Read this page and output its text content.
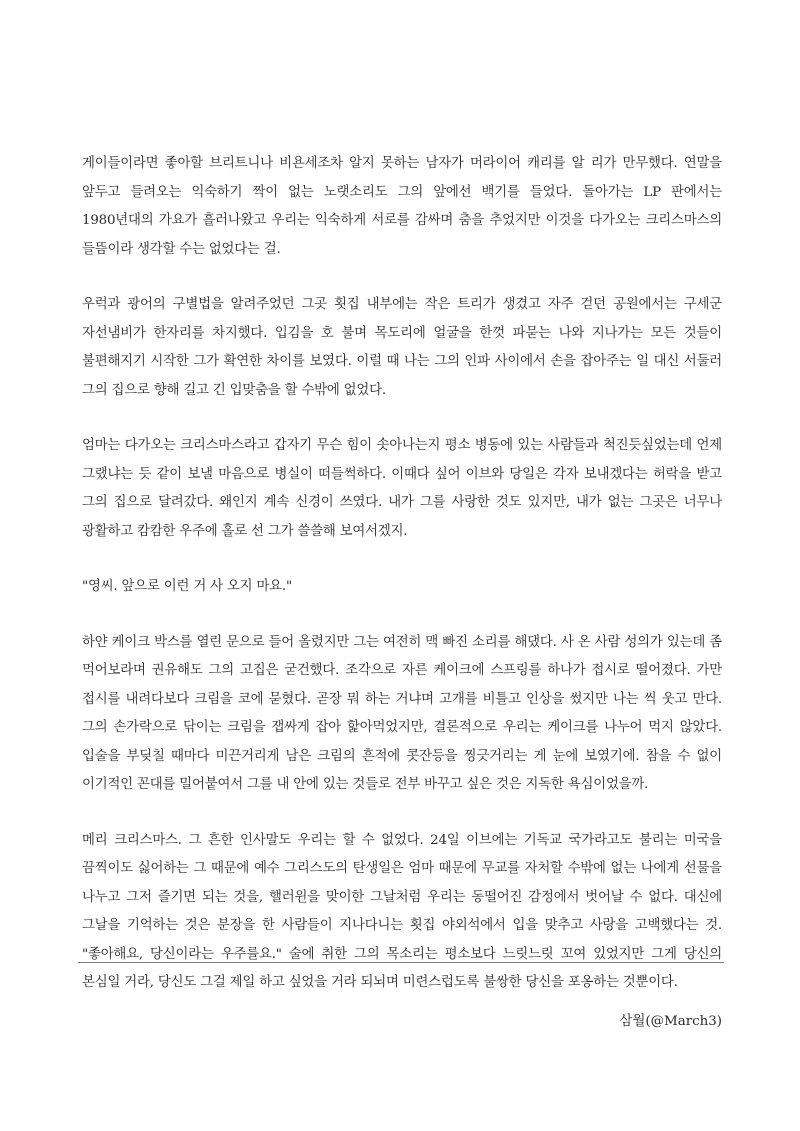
게이들이라면 좋아할 브리트니나 비욘세조차 알지 못하는 남자가 머라이어 캐리를 알 리가 만무했다. 연말을 앞두고 들려오는 익숙하기 짝이 없는 노랫소리도 그의 앞에선 백기를 들었다. 돌아가는 LP 판에서는 1980년대의 가요가 흘러나왔고 우리는 익숙하게 서로를 감싸며 춤을 추었지만 이것을 다가오는 크리스마스의 들뜸이라 생각할 수는 없었다는 걸.

우럭과 광어의 구별법을 알려주었던 그곳 횟집 내부에는 작은 트리가 생겼고 자주 걷던 공원에서는 구세군 자선냄비가 한자리를 차지했다. 입김을 호 불며 목도리에 얼굴을 한껏 파묻는 나와 지나가는 모든 것들이 불편해지기 시작한 그가 확연한 차이를 보였다. 이럴 때 나는 그의 인파 사이에서 손을 잡아주는 일 대신 서둘러 그의 집으로 향해 길고 긴 입맞춤을 할 수밖에 없었다.

엄마는 다가오는 크리스마스라고 갑자기 무슨 힘이 솟아나는지 평소 병동에 있는 사람들과 척진듯싶었는데 언제 그랬냐는 듯 같이 보낼 마음으로 병실이 떠들썩하다. 이때다 싶어 이브와 당일은 각자 보내겠다는 허락을 받고 그의 집으로 달려갔다. 왜인지 계속 신경이 쓰였다. 내가 그를 사랑한 것도 있지만, 내가 없는 그곳은 너무나 광활하고 캄캄한 우주에 홀로 선 그가 쓸쓸해 보여서겠지.

"영씨. 앞으로 이런 거 사 오지 마요."

하얀 케이크 박스를 열린 문으로 들어 올렸지만 그는 여전히 맥 빠진 소리를 해댔다. 사 온 사람 성의가 있는데 좀 먹어보라며 권유해도 그의 고집은 굳건했다. 조각으로 자른 케이크에 스프링를 하나가 접시로 떨어졌다. 가만 접시를 내려다보다 크림을 코에 묻혔다. 곧장 뭐 하는 거냐며 고개를 비틀고 인상을 썼지만 나는 씩 웃고 만다. 그의 손가락으로 닦이는 크림을 잽싸게 잡아 핥아먹었지만, 결론적으로 우리는 케이크를 나누어 먹지 않았다. 입술을 부딪칠 때마다 미끈거리게 남은 크림의 흔적에 콧잔등을 찡긋거리는 게 눈에 보였기에. 참을 수 없이 이기적인 꼰대를 밀어붙여서 그를 내 안에 있는 것들로 전부 바꾸고 싶은 것은 지독한 욕심이었을까.

메리 크리스마스. 그 흔한 인사말도 우리는 할 수 없었다. 24일 이브에는 기독교 국가라고도 불리는 미국을 끔찍이도 싫어하는 그 때문에 예수 그리스도의 탄생일은 엄마 때문에 무교를 자처할 수밖에 없는 나에게 선물을 나누고 그저 즐기면 되는 것을, 핼러윈을 맞이한 그날처럼 우리는 동떨어진 감정에서 벗어날 수 없다. 대신에 그날을 기억하는 것은 분장을 한 사람들이 지나다니는 횟집 야외석에서 입을 맞추고 사랑을 고백했다는 것. "좋아해요, 당신이라는 우주를요." 술에 취한 그의 목소리는 평소보다 느릿느릿 꼬여 있었지만 그게 당신의 본심일 거라, 당신도 그걸 제일 하고 싶었을 거라 되뇌며 미련스럽도록 불쌍한 당신을 포옹하는 것뿐이다.

삼월(@March3)
